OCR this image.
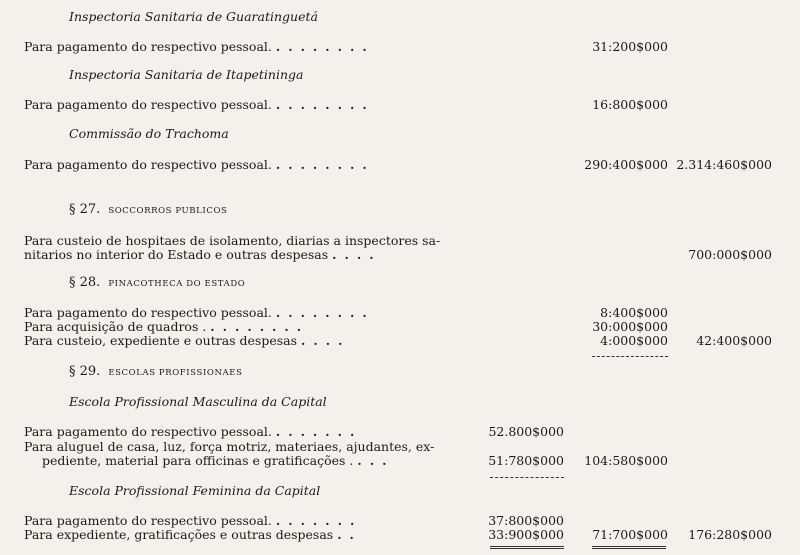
Inspectoria Sanitaria de Guaratinguetá
Para pagamento do respectivo pessoal. ........	31:200$000
Inspectoria Sanitaria de Itapetininga
Para pagamento do respectivo pessoal. ........	16:800$000
Commissão do Trachoma
Para pagamento do respectivo pessoal. ........	290:400$000 2.314:460$000
§ 27. SOCCORROS PUBLICOS
Para custeio de hospitaes de isolamento, diarias a inspectores sa-
nitarios no interior do Estado e outras despesas ....	700:000$000
§ 28. PINACOTHECA DO ESTADO
Para pagamento do respectivo pessoal. ........	8:400$000
Para acquisição de quadros . ........	30:000$000
Para custeio, expediente e outras despesas ....	4:000$000	42:400$000
§ 29. ESCOLAS PROFISSIONAES
Escola Profissional Masculina da Capital
Para pagamento do respectivo pessoal. .......	52.800$000
Para aluguel de casa, luz, força motriz, materiaes, ajudantes, ex-
pediente, material para officinas e gratificações . ...	51:780$000	104:580$000
Escola Profissional Feminina da Capital
Para pagamento do respectivo pessoal. .......	37:800$000
Para expediente, gratificações e outras despesas ..	33:900$000	71:700$000	176:280$000
